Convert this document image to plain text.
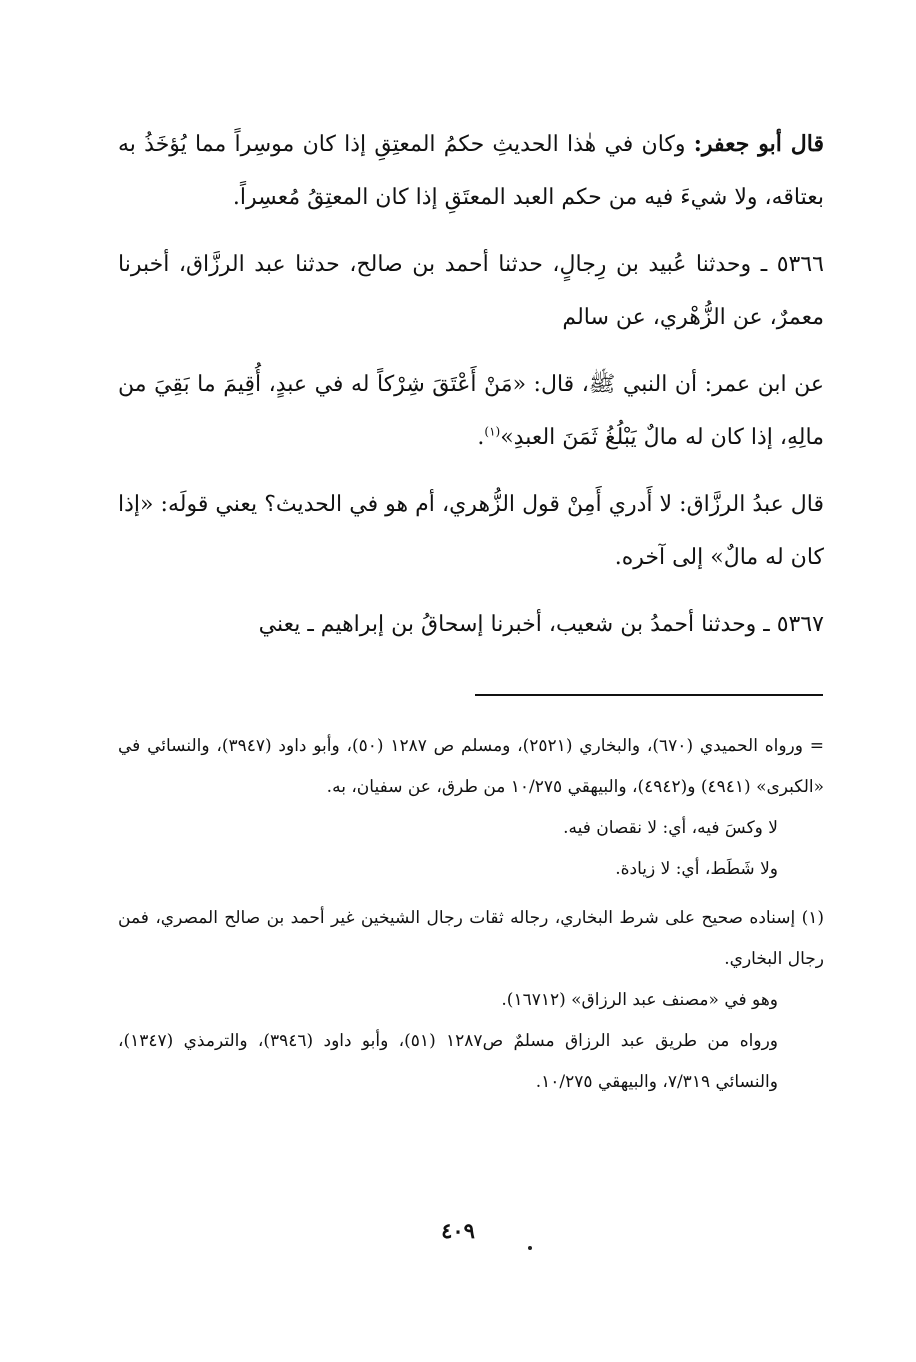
قال أبو جعفر: وكان في هٰذا الحديثِ حكمُ المعتِقِ إذا كان موسِراً مما يُؤخَذُ به بعتاقه، ولا شيءَ فيه من حكم العبد المعتَقِ إذا كان المعتِقُ مُعسِراً.

٥٣٦٦ ـ وحدثنا عُبيد بن رِجالٍ، حدثنا أحمد بن صالح، حدثنا عبد الرزَّاق، أخبرنا معمرٌ، عن الزُّهْري، عن سالم

عن ابن عمر: أن النبي ﷺ، قال: «مَنْ أَعْتَقَ شِرْكاً له في عبدٍ، أُقِيمَ ما بَقِيَ من مالِهِ، إذا كان له مالٌ يَبْلُغُ ثَمَنَ العبدِ»$^{(١)}$.

قال عبدُ الرزَّاق: لا أَدري أَمِنْ قول الزُّهري، أم هو في الحديث؟ يعني قولَه: «إذا كان له مالٌ» إلى آخره.

٥٣٦٧ ـ وحدثنا أحمدُ بن شعيب، أخبرنا إسحاقُ بن إبراهيم ـ يعني

= ورواه الحميدي (٦٧٠)، والبخاري (٢٥٢١)، ومسلم ص ١٢٨٧ (٥٠)، وأبو داود (٣٩٤٧)، والنسائي في «الكبرى» (٤٩٤١) و(٤٩٤٢)، والبيهقي ١٠/٢٧٥ من طرق، عن سفيان، به.

لا وكسَ فيه، أي: لا نقصان فيه.

ولا شَطَط، أي: لا زيادة.

(١) إسناده صحيح على شرط البخاري، رجاله ثقات رجال الشيخين غير أحمد بن صالح المصري، فمن رجال البخاري.

وهو في «مصنف عبد الرزاق» (١٦٧١٢).

ورواه من طريق عبد الرزاق مسلمٌ ص١٢٨٧ (٥١)، وأبو داود (٣٩٤٦)، والترمذي (١٣٤٧)، والنسائي ٧/٣١٩، والبيهقي ١٠/٢٧٥.

٤٠٩
